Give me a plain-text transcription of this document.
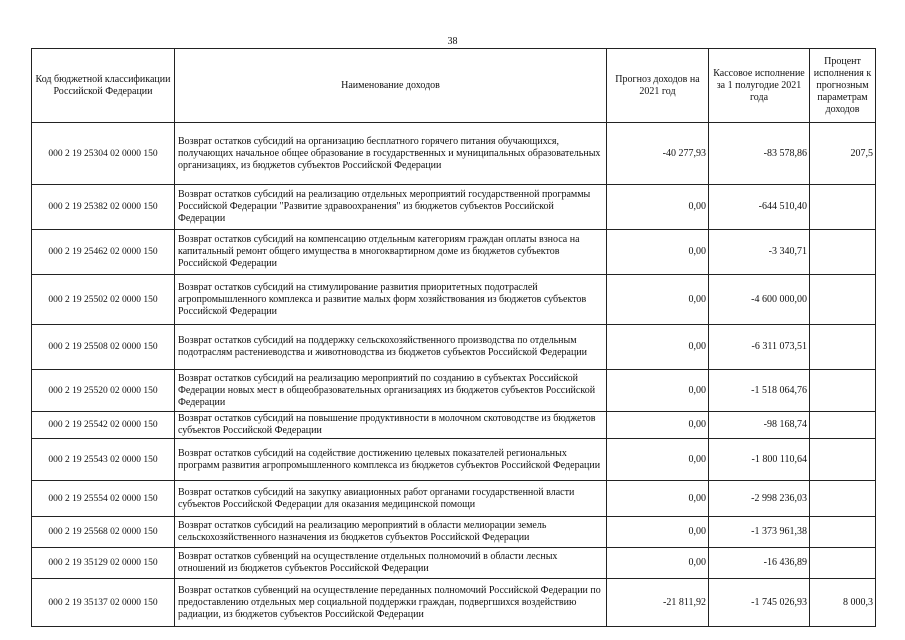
38
Код бюджетной классификации Российской Федерации	Наименование доходов	Прогноз доходов на 2021 год	Кассовое исполнение за 1 полугодие 2021 года	Процент исполнения к прогнозным параметрам доходов
000 2 19 25304 02 0000 150	Возврат остатков субсидий на организацию бесплатного горячего питания обучающихся, получающих начальное общее образование в государственных и муниципальных образовательных организациях, из бюджетов субъектов Российской Федерации	-40 277,93	-83 578,86	207,5
000 2 19 25382 02 0000 150	Возврат остатков субсидий на реализацию отдельных мероприятий государственной программы Российской Федерации "Развитие здравоохранения" из бюджетов субъектов Российской Федерации	0,00	-644 510,40	
000 2 19 25462 02 0000 150	Возврат остатков субсидий на компенсацию отдельным категориям граждан оплаты взноса на капитальный ремонт общего имущества в многоквартирном доме из бюджетов субъектов Российской Федерации	0,00	-3 340,71	
000 2 19 25502 02 0000 150	Возврат остатков субсидий на стимулирование развития приоритетных подотраслей агропромышленного комплекса и развитие малых форм хозяйствования из бюджетов субъектов Российской Федерации	0,00	-4 600 000,00	
000 2 19 25508 02 0000 150	Возврат остатков субсидий на поддержку сельскохозяйственного производства по отдельным подотраслям растениеводства и животноводства из бюджетов субъектов Российской Федерации	0,00	-6 311 073,51	
000 2 19 25520 02 0000 150	Возврат остатков субсидий на реализацию мероприятий по созданию в субъектах Российской Федерации новых мест в общеобразовательных организациях из бюджетов субъектов Российской Федерации	0,00	-1 518 064,76	
000 2 19 25542 02 0000 150	Возврат остатков субсидий на повышение продуктивности в молочном скотоводстве из бюджетов субъектов Российской Федерации	0,00	-98 168,74	
000 2 19 25543 02 0000 150	Возврат остатков субсидий на содействие достижению целевых показателей региональных программ развития агропромышленного комплекса из бюджетов субъектов Российской Федерации	0,00	-1 800 110,64	
000 2 19 25554 02 0000 150	Возврат остатков субсидий на закупку авиационных работ органами государственной власти субъектов Российской Федерации для оказания медицинской помощи	0,00	-2 998 236,03	
000 2 19 25568 02 0000 150	Возврат остатков субсидий на реализацию мероприятий в области мелиорации земель сельскохозяйственного назначения из бюджетов субъектов Российской Федерации	0,00	-1 373 961,38	
000 2 19 35129 02 0000 150	Возврат остатков субвенций на осуществление отдельных полномочий в области лесных отношений из бюджетов субъектов Российской Федерации	0,00	-16 436,89	
000 2 19 35137 02 0000 150	Возврат остатков субвенций на осуществление переданных полномочий Российской Федерации по предоставлению отдельных мер социальной поддержки граждан, подвергшихся воздействию радиации, из бюджетов субъектов Российской Федерации	-21 811,92	-1 745 026,93	8 000,3
